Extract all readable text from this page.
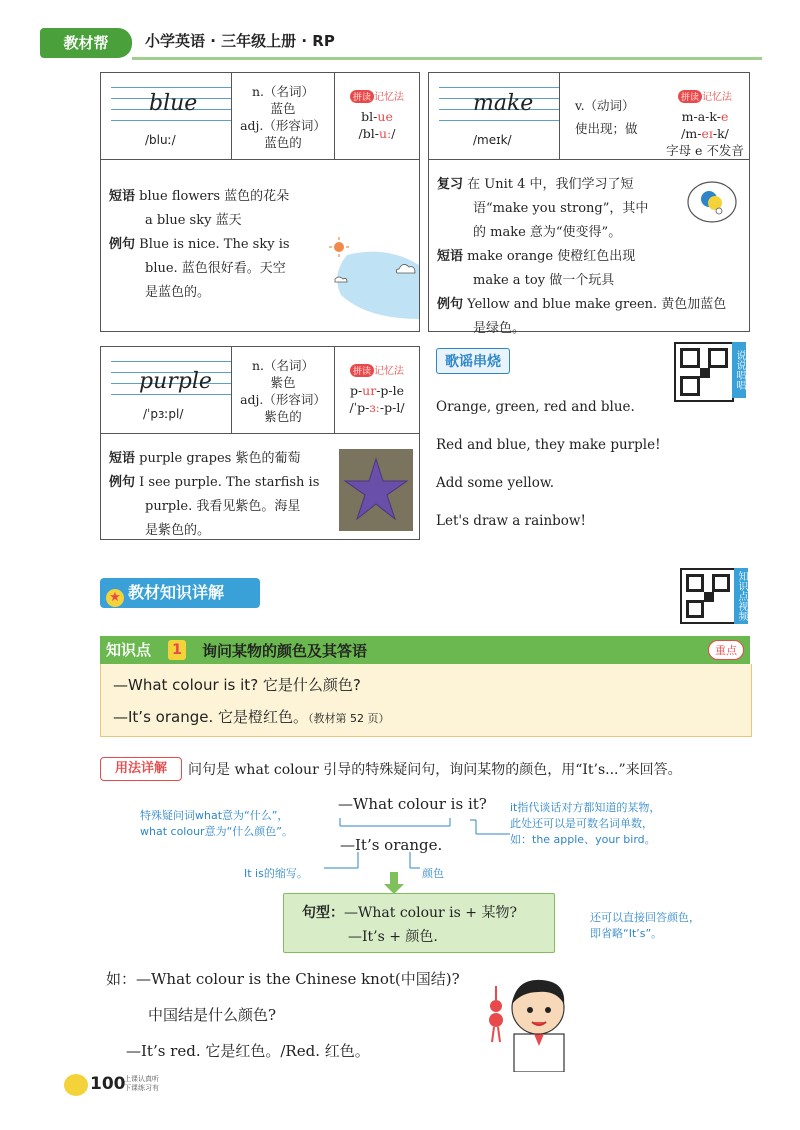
教材帮	小学英语 · 三年级上册 · RP
blue
/bluː/
n.（名词）
蓝色
adj.（形容词）
蓝色的
拼读 记忆法
bl-ue
/bl-uː/
短语 blue flowers 蓝色的花朵
a blue sky 蓝天
例句 Blue is nice. The sky is
blue. 蓝色很好看。天空
是蓝色的。
make
/meɪk/
v.（动词）
使出现；做
拼读 记忆法
m-a-k-e
/m-eɪ-k/
字母 e 不发音
复习 在 Unit 4 中，我们学习了短
语“make you strong”，其中
的 make 意为“使变得”。
短语 make orange 使橙红色出现
make a toy 做一个玩具
例句 Yellow and blue make green. 黄色加蓝色
是绿色。
purple
/ˈpɜːpl/
n.（名词）
紫色
adj.（形容词）
紫色的
拼读 记忆法
p-ur-p-le
/ˈp-ɜː-p-l/
短语 purple grapes 紫色的葡萄
例句 I see purple. The starfish is
purple. 我看见紫色。海星
是紫色的。
歌谣串烧	说说唱唱
Orange, green, red and blue.
Red and blue, they make purple!
Add some yellow.
Let's draw a rainbow!
★ 教材知识详解	知识点视频
知识点 1 询问某物的颜色及其答语	重点
—What colour is it? 它是什么颜色?
—It’s orange. 它是橙红色。（教材第 52 页）
用法详解	问句是 what colour 引导的特殊疑问句，询问某物的颜色，用“It’s...”来回答。
—What colour is it?
—It’s orange.
特殊疑问词what意为“什么”，
what colour意为“什么颜色”。
it指代谈话对方都知道的某物，
此处还可以是可数名词单数，
如：the apple、your bird。
It is的缩写。	颜色
句型：—What colour is + 某物?
—It’s + 颜色.
还可以直接回答颜色，
即省略“It’s”。
如：—What colour is the Chinese knot(中国结)?
中国结是什么颜色?
—It’s red. 它是红色。/Red. 红色。
100
上课认真听
下课练习有
